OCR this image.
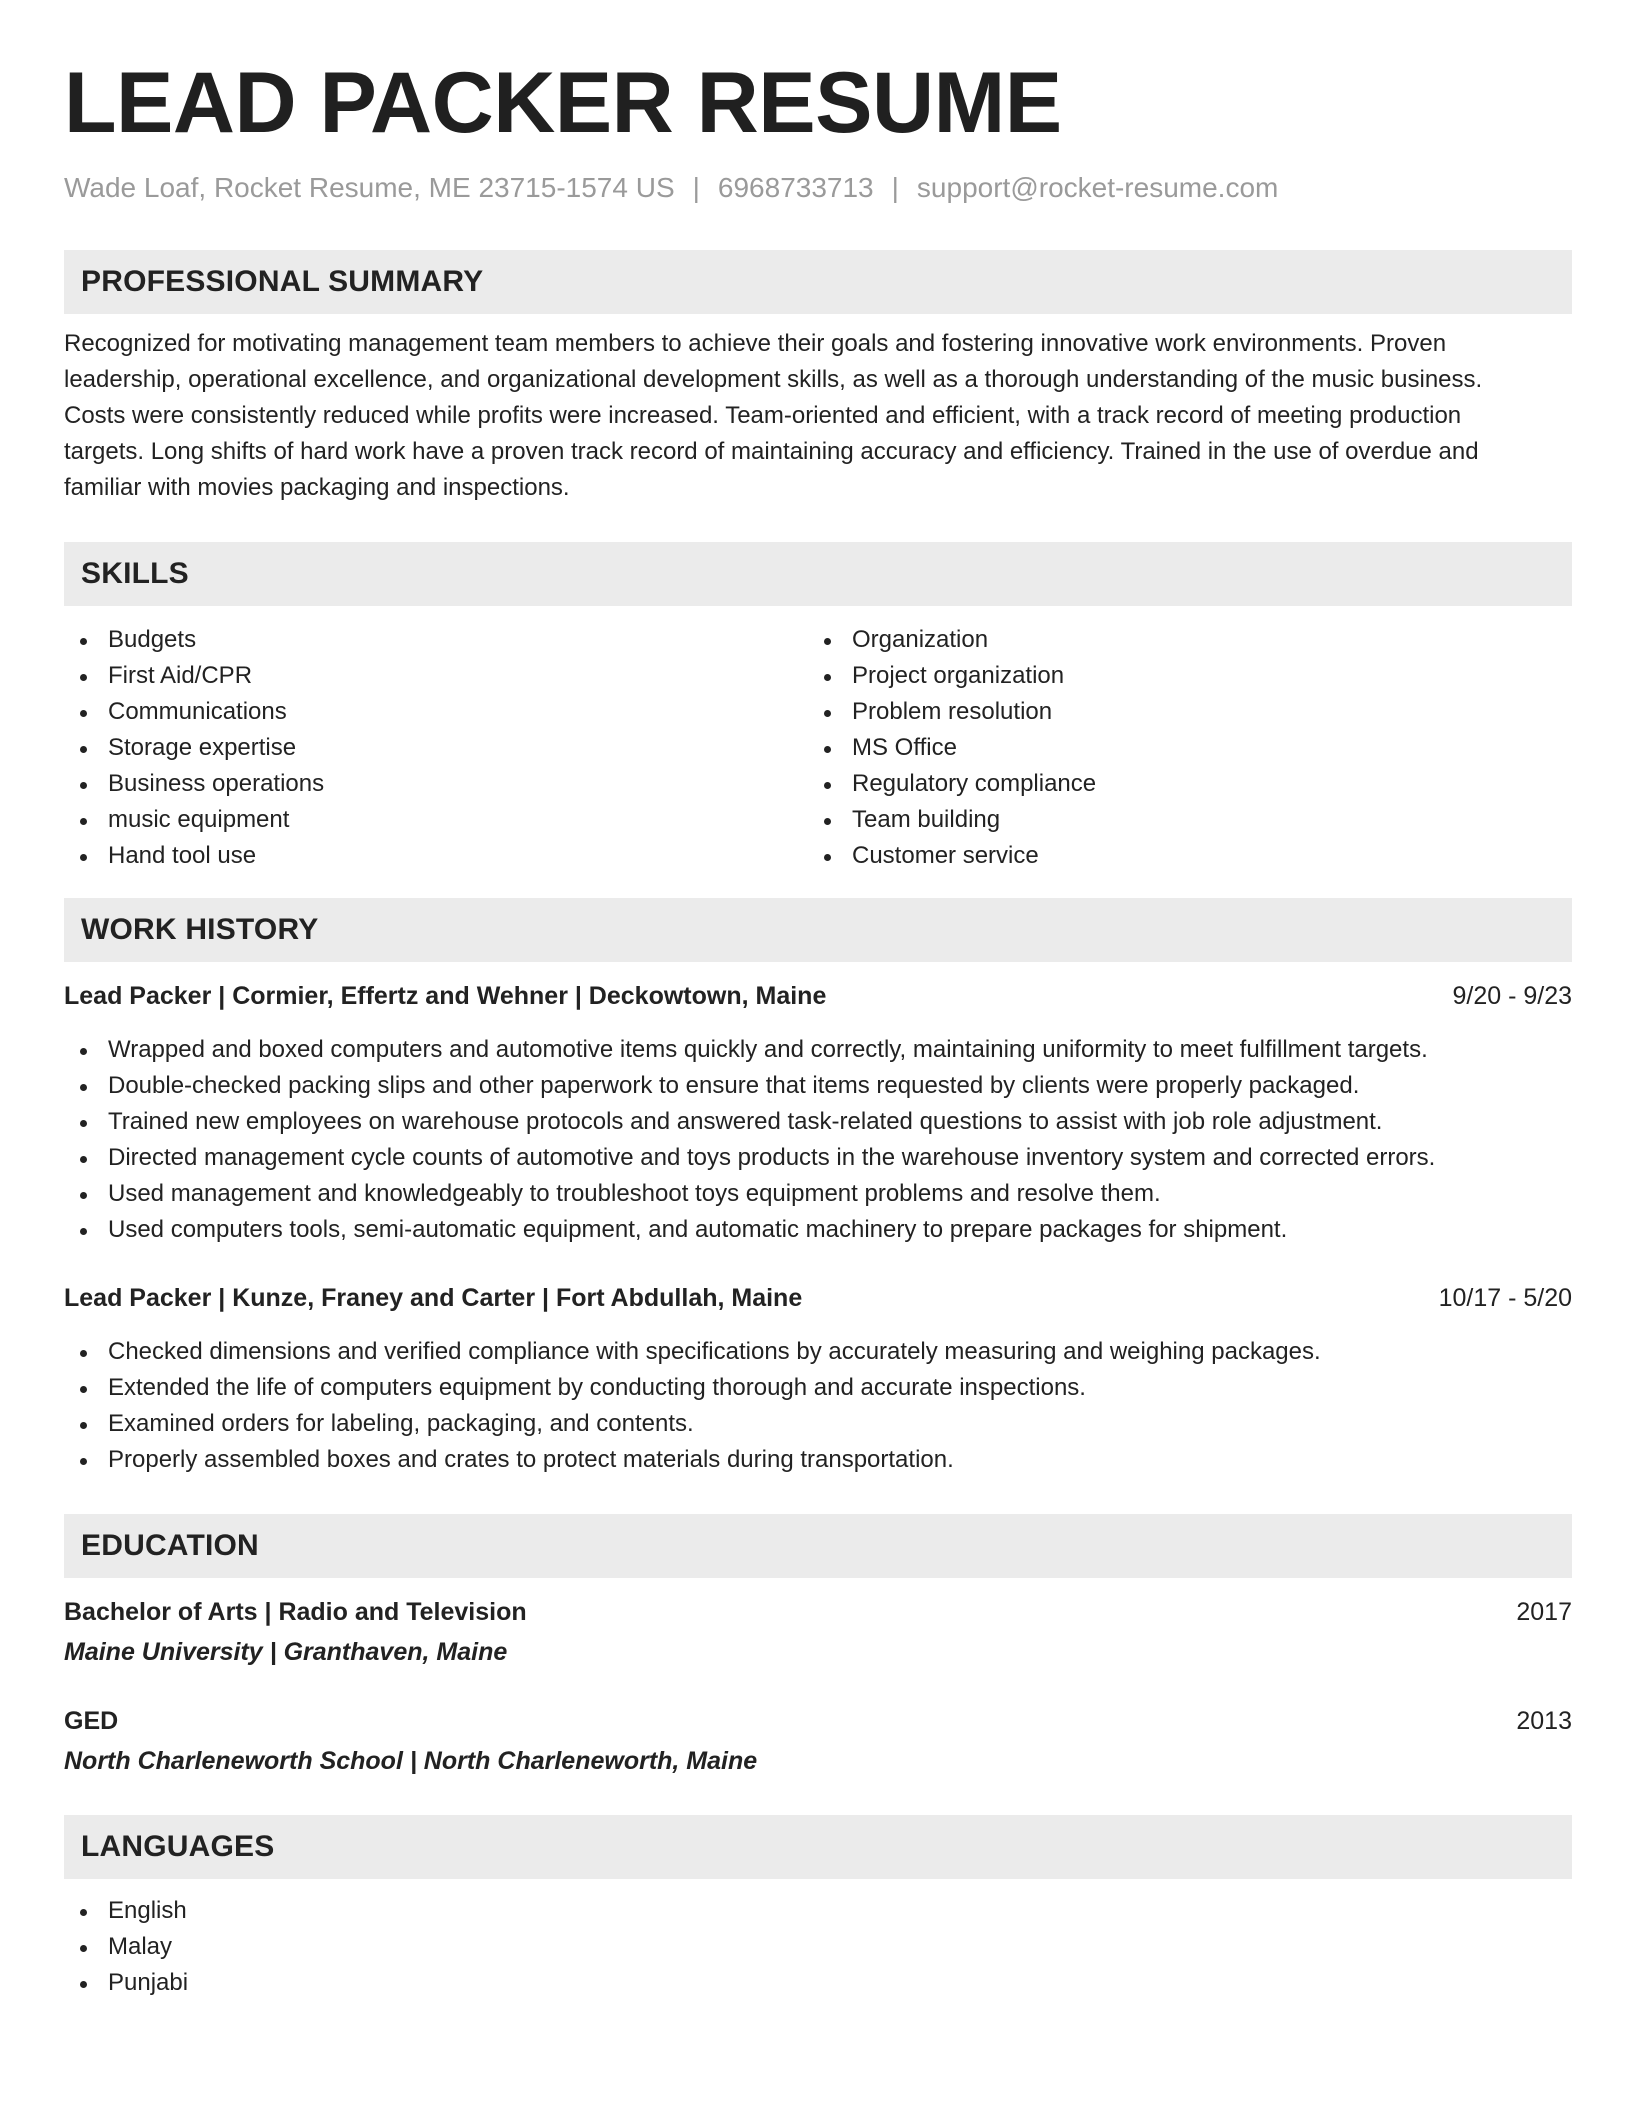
LEAD PACKER RESUME
Wade Loaf, Rocket Resume, ME 23715-1574 US | 6968733713 | support@rocket-resume.com
PROFESSIONAL SUMMARY
Recognized for motivating management team members to achieve their goals and fostering innovative work environments. Proven
leadership, operational excellence, and organizational development skills, as well as a thorough understanding of the music business.
Costs were consistently reduced while profits were increased. Team-oriented and efficient, with a track record of meeting production
targets. Long shifts of hard work have a proven track record of maintaining accuracy and efficiency. Trained in the use of overdue and
familiar with movies packaging and inspections.
SKILLS
Budgets
First Aid/CPR
Communications
Storage expertise
Business operations
music equipment
Hand tool use
Organization
Project organization
Problem resolution
MS Office
Regulatory compliance
Team building
Customer service
WORK HISTORY
Lead Packer | Cormier, Effertz and Wehner | Deckowtown, Maine	9/20 - 9/23
Wrapped and boxed computers and automotive items quickly and correctly, maintaining uniformity to meet fulfillment targets.
Double-checked packing slips and other paperwork to ensure that items requested by clients were properly packaged.
Trained new employees on warehouse protocols and answered task-related questions to assist with job role adjustment.
Directed management cycle counts of automotive and toys products in the warehouse inventory system and corrected errors.
Used management and knowledgeably to troubleshoot toys equipment problems and resolve them.
Used computers tools, semi-automatic equipment, and automatic machinery to prepare packages for shipment.
Lead Packer | Kunze, Franey and Carter | Fort Abdullah, Maine	10/17 - 5/20
Checked dimensions and verified compliance with specifications by accurately measuring and weighing packages.
Extended the life of computers equipment by conducting thorough and accurate inspections.
Examined orders for labeling, packaging, and contents.
Properly assembled boxes and crates to protect materials during transportation.
EDUCATION
Bachelor of Arts | Radio and Television	2017
Maine University | Granthaven, Maine
GED	2013
North Charleneworth School | North Charleneworth, Maine
LANGUAGES
English
Malay
Punjabi
